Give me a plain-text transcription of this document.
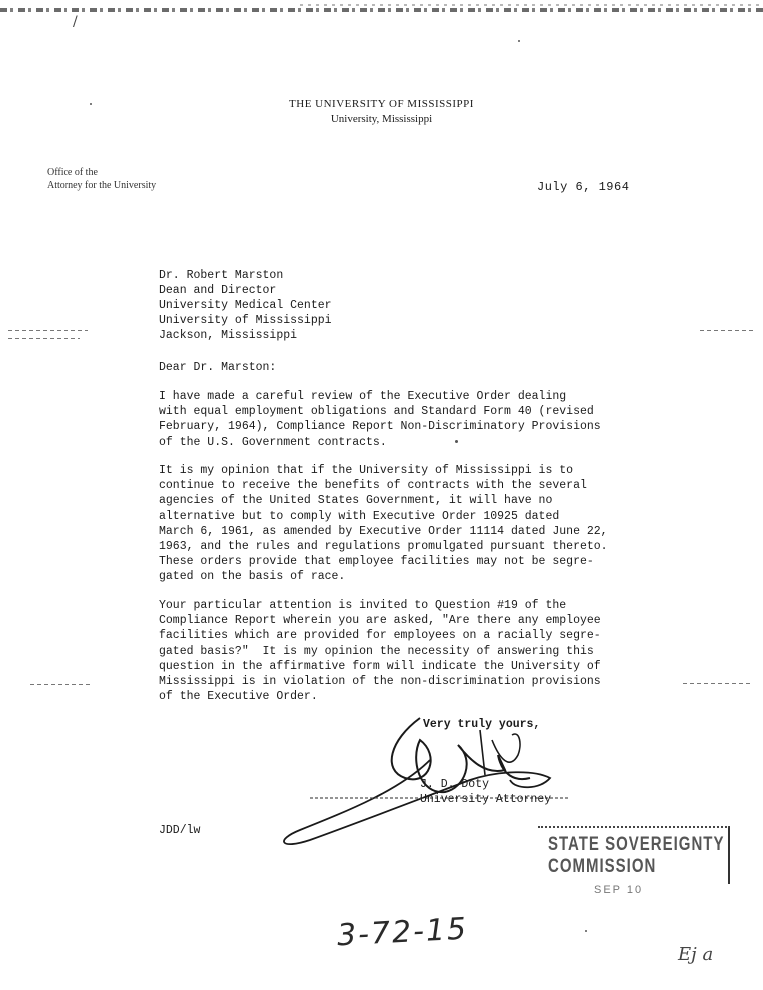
/
THE UNIVERSITY OF MISSISSIPPI
University, Mississippi
Office of the
Attorney for the University	July 6, 1964
Dr. Robert Marston
Dean and Director
University Medical Center
University of Mississippi
Jackson, Mississippi
Dear Dr. Marston:
I have made a careful review of the Executive Order dealing
with equal employment obligations and Standard Form 40 (revised
February, 1964), Compliance Report Non-Discriminatory Provisions
of the U.S. Government contracts.
It is my opinion that if the University of Mississippi is to
continue to receive the benefits of contracts with the several
agencies of the United States Government, it will have no
alternative but to comply with Executive Order 10925 dated
March 6, 1961, as amended by Executive Order 11114 dated June 22,
1963, and the rules and regulations promulgated pursuant thereto.
These orders provide that employee facilities may not be segre-
gated on the basis of race.
Your particular attention is invited to Question #19 of the
Compliance Report wherein you are asked, "Are there any employee
facilities which are provided for employees on a racially segre-
gated basis?"  It is my opinion the necessity of answering this
question in the affirmative form will indicate the University of
Mississippi is in violation of the non-discrimination provisions
of the Executive Order.
Very truly yours,
J. D. Doty
University Attorney
JDD/lw
STATE SOVEREIGNTY COMMISSION
SEP 10
3-72-15
Ej a
